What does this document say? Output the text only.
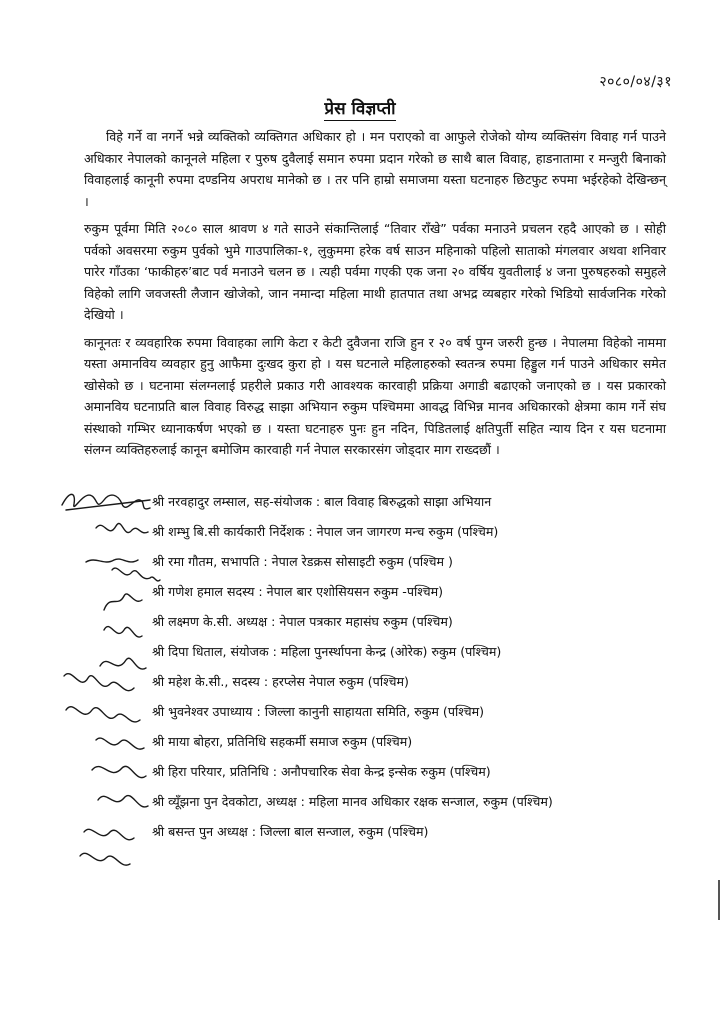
२०८०/०४/३१
प्रेस विज्ञप्ती

विहे गर्ने वा नगर्ने भन्ने व्यक्तिको व्यक्तिगत अधिकार हो । मन पराएको वा आफुले रोजेको योग्य व्यक्तिसंग विवाह गर्न पाउने अधिकार नेपालको कानूनले महिला र पुरुष दुवैलाई समान रुपमा प्रदान गरेको छ साथै बाल विवाह, हाडनातामा र मन्जुरी बिनाको विवाहलाई कानूनी रुपमा दण्डनिय अपराध मानेको छ । तर पनि हाम्रो समाजमा यस्ता घटनाहरु छिटफुट रुपमा भईरहेको देखिन्छन् ।

रुकुम पूर्वमा मिति २०८० साल श्रावण ४ गते साउने संकान्तिलाई “तिवार राँखे” पर्वका मनाउने प्रचलन रहदै आएको छ । सोही पर्वको अवसरमा रुकुम पुर्वको भुमे गाउपालिका-१, लुकुममा हरेक वर्ष साउन महिनाको पहिलो साताको मंगलवार अथवा शनिवार पारेर गाँउका ‘फाकीहरु’बाट पर्व मनाउने चलन छ । त्यही पर्वमा गएकी एक जना २० वर्षिय युवतीलाई ४ जना पुरुषहरुको समुहले विहेको लागि जवजस्ती लैजान खोजेको, जान नमान्दा महिला माथी हातपात तथा अभद्र व्यबहार गरेको भिडियो सार्वजनिक गरेको देखियो ।

कानूनतः र व्यवहारिक रुपमा विवाहका लागि केटा र केटी दुवैजना राजि हुन र २० वर्ष पुग्न जरुरी हुन्छ । नेपालमा विहेको नाममा यस्ता अमानविय व्यवहार हुनु आफैमा दुःखद कुरा हो । यस घटनाले महिलाहरुको स्वतन्त्र रुपमा हिड्डुल गर्न पाउने अधिकार समेत खोसेको छ । घटनामा संलग्नलाई प्रहरीले प्रकाउ गरी आवश्यक कारवाही प्रक्रिया अगाडी बढाएको जनाएको छ । यस प्रकारको अमानविय घटनाप्रति बाल विवाह विरुद्ध साझा अभियान रुकुम पश्चिममा आवद्ध विभिन्न मानव अधिकारको क्षेत्रमा काम गर्ने संघ संस्थाको गम्भिर ध्यानाकर्षण भएको छ । यस्ता घटनाहरु पुनः हुन नदिन, पिडितलाई क्षतिपुर्ती सहित न्याय दिन र यस घटनामा संलग्न व्यक्तिहरुलाई कानून बमोजिम कारवाही गर्न नेपाल सरकारसंग जोड्दार माग राख्दछौं ।

श्री नरवहादुर लम्साल, सह-संयोजक : बाल विवाह बिरुद्धको साझा अभियान
श्री शम्भु बि.सी कार्यकारी निर्देशक : नेपाल जन जागरण मन्च रुकुम (पश्चिम)
श्री रमा गौतम, सभापति : नेपाल रेडक्रस सोसाइटी रुकुम (पश्चिम )
श्री गणेश हमाल सदस्य : नेपाल बार एशोसियसन रुकुम -पश्चिम)
श्री लक्ष्मण के.सी. अध्यक्ष : नेपाल पत्रकार महासंघ रुकुम (पश्चिम)
श्री दिपा धिताल, संयोजक : महिला पुनर्स्थापना केन्द्र (ओरेक) रुकुम (पश्चिम)
श्री महेश के.सी., सदस्य : हरप्लेस नेपाल रुकुम (पश्चिम)
श्री भुवनेश्वर उपाध्याय : जिल्ला कानुनी साहायता समिति, रुकुम (पश्चिम)
श्री माया बोहरा, प्रतिनिधि सहकर्मी समाज रुकुम (पश्चिम)
श्री हिरा परियार, प्रतिनिधि : अनौपचारिक सेवा केन्द्र इन्सेक रुकुम (पश्चिम)
श्री व्यूँझना पुन देवकोटा, अध्यक्ष : महिला मानव अधिकार रक्षक सन्जाल, रुकुम (पश्चिम)
श्री बसन्त पुन अध्यक्ष : जिल्ला बाल सन्जाल, रुकुम (पश्चिम)
